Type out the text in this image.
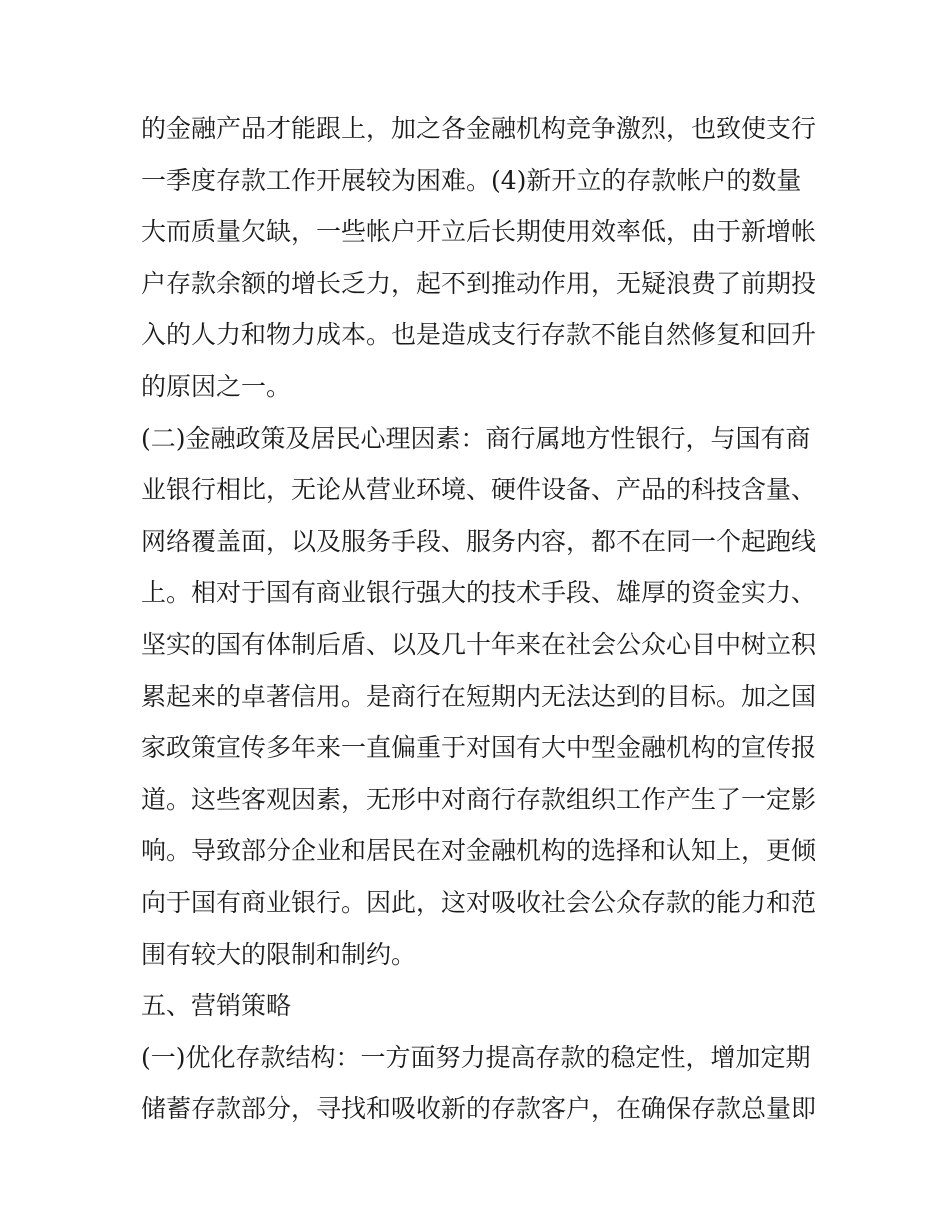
的金融产品才能跟上，加之各金融机构竞争激烈，也致使支行
一季度存款工作开展较为困难。(4)新开立的存款帐户的数量
大而质量欠缺，一些帐户开立后长期使用效率低，由于新增帐
户存款余额的增长乏力，起不到推动作用，无疑浪费了前期投
入的人力和物力成本。也是造成支行存款不能自然修复和回升
的原因之一。
(二)金融政策及居民心理因素：商行属地方性银行，与国有商
业银行相比，无论从营业环境、硬件设备、产品的科技含量、
网络覆盖面，以及服务手段、服务内容，都不在同一个起跑线
上。相对于国有商业银行强大的技术手段、雄厚的资金实力、
坚实的国有体制后盾、以及几十年来在社会公众心目中树立积
累起来的卓著信用。是商行在短期内无法达到的目标。加之国
家政策宣传多年来一直偏重于对国有大中型金融机构的宣传报
道。这些客观因素，无形中对商行存款组织工作产生了一定影
响。导致部分企业和居民在对金融机构的选择和认知上，更倾
向于国有商业银行。因此，这对吸收社会公众存款的能力和范
围有较大的限制和制约。
五、营销策略
(一)优化存款结构：一方面努力提高存款的稳定性，增加定期
储蓄存款部分，寻找和吸收新的存款客户，在确保存款总量即
